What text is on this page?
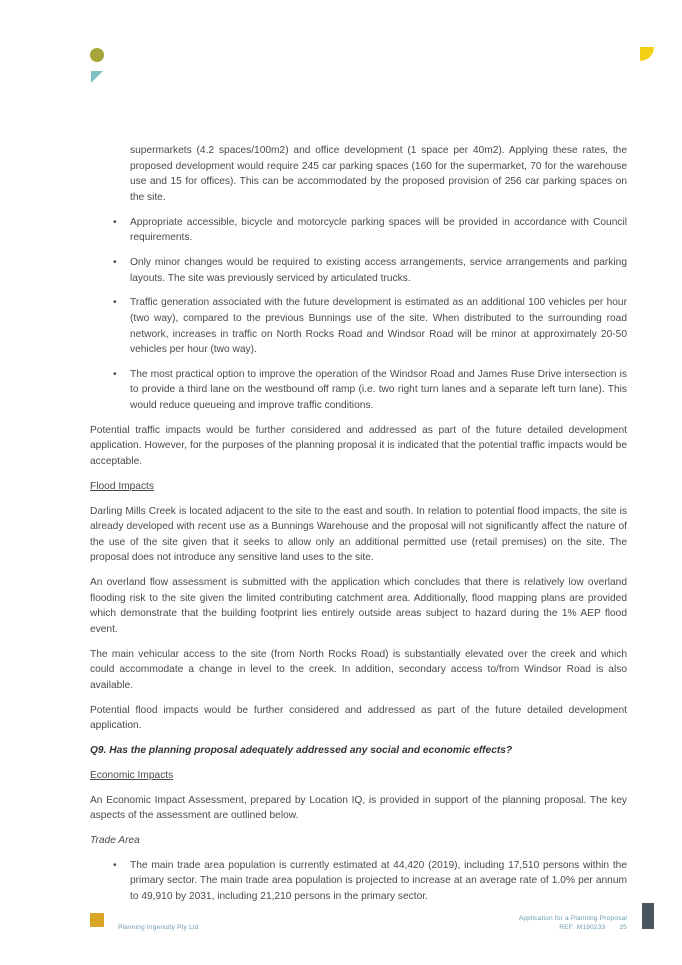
supermarkets (4.2 spaces/100m2) and office development (1 space per 40m2). Applying these rates, the proposed development would require 245 car parking spaces (160 for the supermarket, 70 for the warehouse use and 15 for offices). This can be accommodated by the proposed provision of 256 car parking spaces on the site.

• Appropriate accessible, bicycle and motorcycle parking spaces will be provided in accordance with Council requirements.
• Only minor changes would be required to existing access arrangements, service arrangements and parking layouts. The site was previously serviced by articulated trucks.
• Traffic generation associated with the future development is estimated as an additional 100 vehicles per hour (two way), compared to the previous Bunnings use of the site. When distributed to the surrounding road network, increases in traffic on North Rocks Road and Windsor Road will be minor at approximately 20-50 vehicles per hour (two way).
• The most practical option to improve the operation of the Windsor Road and James Ruse Drive intersection is to provide a third lane on the westbound off ramp (i.e. two right turn lanes and a separate left turn lane). This would reduce queueing and improve traffic conditions.

Potential traffic impacts would be further considered and addressed as part of the future detailed development application. However, for the purposes of the planning proposal it is indicated that the potential traffic impacts would be acceptable.

Flood Impacts

Darling Mills Creek is located adjacent to the site to the east and south. In relation to potential flood impacts, the site is already developed with recent use as a Bunnings Warehouse and the proposal will not significantly affect the nature of the use of the site given that it seeks to allow only an additional permitted use (retail premises) on the site. The proposal does not introduce any sensitive land uses to the site.

An overland flow assessment is submitted with the application which concludes that there is relatively low overland flooding risk to the site given the limited contributing catchment area. Additionally, flood mapping plans are provided which demonstrate that the building footprint lies entirely outside areas subject to hazard during the 1% AEP flood event.

The main vehicular access to the site (from North Rocks Road) is substantially elevated over the creek and which could accommodate a change in level to the creek. In addition, secondary access to/from Windsor Road is also available.

Potential flood impacts would be further considered and addressed as part of the future detailed development application.

Q9. Has the planning proposal adequately addressed any social and economic effects?

Economic Impacts

An Economic Impact Assessment, prepared by Location IQ, is provided in support of the planning proposal. The key aspects of the assessment are outlined below.

Trade Area

• The main trade area population is currently estimated at 44,420 (2019), including 17,510 persons within the primary sector. The main trade area population is projected to increase at an average rate of 1.0% per annum to 49,910 by 2031, including 21,210 persons in the primary sector.
Planning Ingenuity Pty Ltd
Application for a Planning Proposal
REF: M190233 25
